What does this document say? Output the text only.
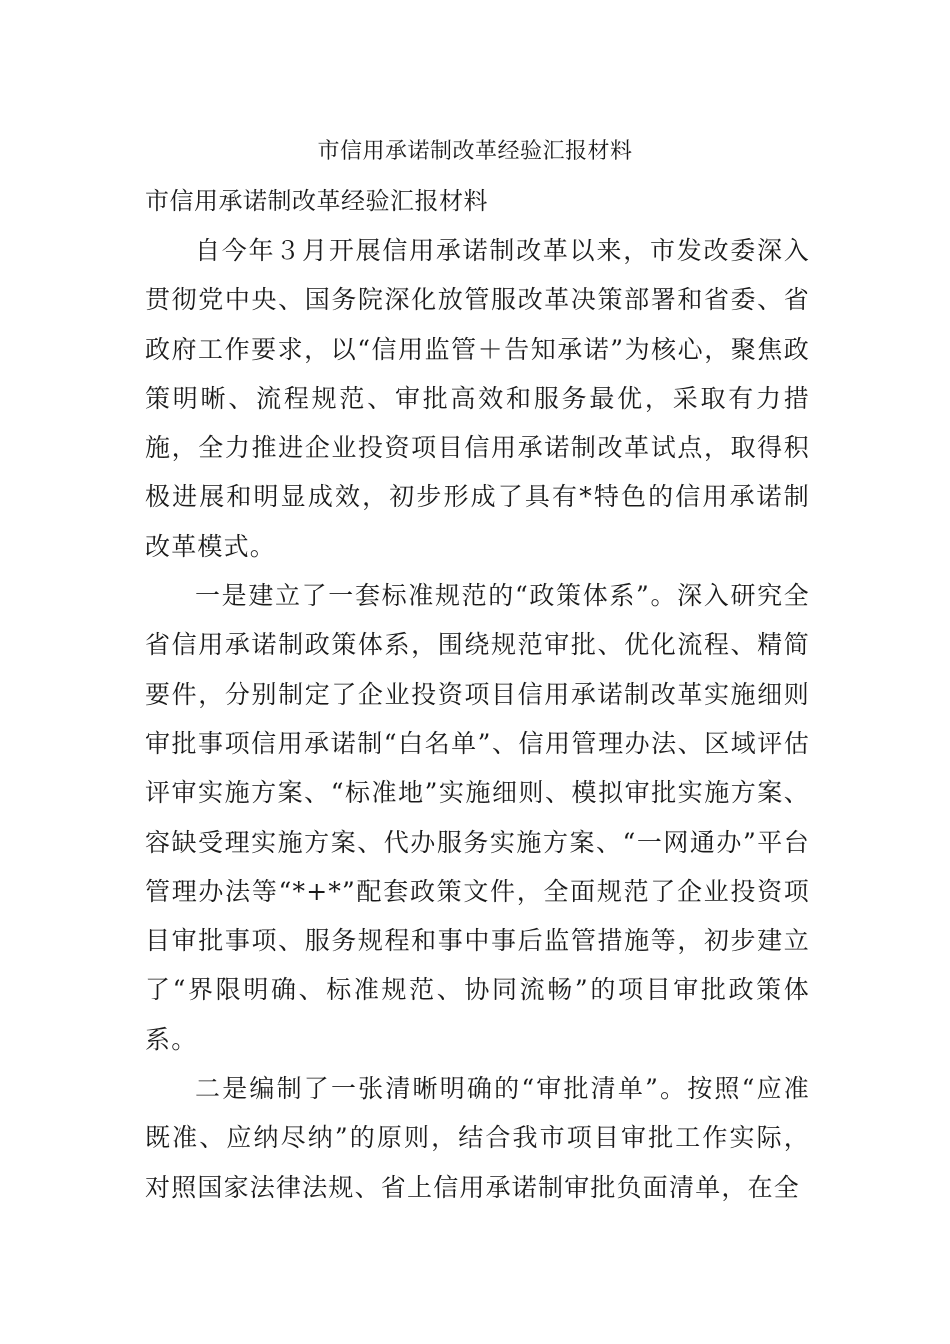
市信用承诺制改革经验汇报材料
市信用承诺制改革经验汇报材料

自今年３月开展信用承诺制改革以来，市发改委深入贯彻党中央、国务院深化放管服改革决策部署和省委、省政府工作要求，以“信用监管＋告知承诺”为核心，聚焦政策明晰、流程规范、审批高效和服务最优，采取有力措施，全力推进企业投资项目信用承诺制改革试点，取得积极进展和明显成效，初步形成了具有*特色的信用承诺制改革模式。

一是建立了一套标准规范的“政策体系”。深入研究全省信用承诺制政策体系，围绕规范审批、优化流程、精简要件，分别制定了企业投资项目信用承诺制改革实施细则审批事项信用承诺制“白名单”、信用管理办法、区域评估评审实施方案、“标准地”实施细则、模拟审批实施方案、容缺受理实施方案、代办服务实施方案、“一网通办”平台管理办法等“*+*”配套政策文件，全面规范了企业投资项目审批事项、服务规程和事中事后监管措施等，初步建立了“界限明确、标准规范、协同流畅”的项目审批政策体系。

二是编制了一张清晰明确的“审批清单”。按照“应准既准、应纳尽纳”的原则，结合我市项目审批工作实际，对照国家法律法规、省上信用承诺制审批负面清单，在全
